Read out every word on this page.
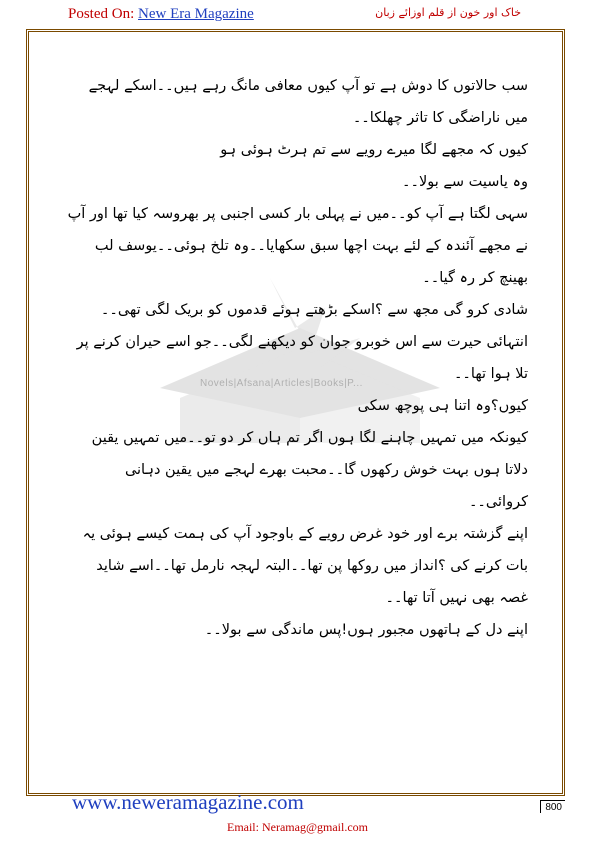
Posted On: New Era Magazine	خاک اور خون از قلم اوزائے زبان
Novels|Afsana|Articles|Books|P...

سب حالاتوں کا دوش ہے تو آپ کیوں معافی مانگ رہے ہیں۔۔اسکے لہجے میں ناراضگی کا تاثر چھلکا۔۔

کیوں کہ مجھے لگا میرے رویے سے تم ہرٹ ہوئی ہو

وہ یاسیت سے بولا۔۔

سہی لگتا ہے آپ کو۔۔میں نے پہلی بار کسی اجنبی پر بھروسہ کیا تھا اور آپ نے مجھے آئندہ کے لئے بہت اچھا سبق سکھایا۔۔وہ تلخ ہوئی۔۔یوسف لب بھینچ کر رہ گیا۔۔

شادی کرو گی مجھ سے ؟اسکے بڑھتے ہوئے قدموں کو بریک لگی تھی۔۔انتہائی حیرت سے اس خوبرو جوان کو دیکھنے لگی۔۔جو اسے حیران کرنے پر تلا ہوا تھا۔۔

کیوں؟وہ اتنا ہی پوچھ سکی

کیونکہ میں تمہیں چاہنے لگا ہوں اگر تم ہاں کر دو تو۔۔میں تمہیں یقین دلاتا ہوں بہت خوش رکھوں گا۔۔محبت بھرے لہجے میں یقین دہانی کروائی۔۔

اپنے گزشتہ برے اور خود غرض رویے کے باوجود آپ کی ہمت کیسے ہوئی یہ بات کرنے کی ؟انداز میں روکھا پن تھا۔۔البتہ لہجہ نارمل تھا۔۔اسے شاید غصہ بھی نہیں آتا تھا۔۔

اپنے دل کے ہاتھوں مجبور ہوں!پس ماندگی سے بولا۔۔

www.neweramagazine.com	800
Email: Neramag@gmail.com
